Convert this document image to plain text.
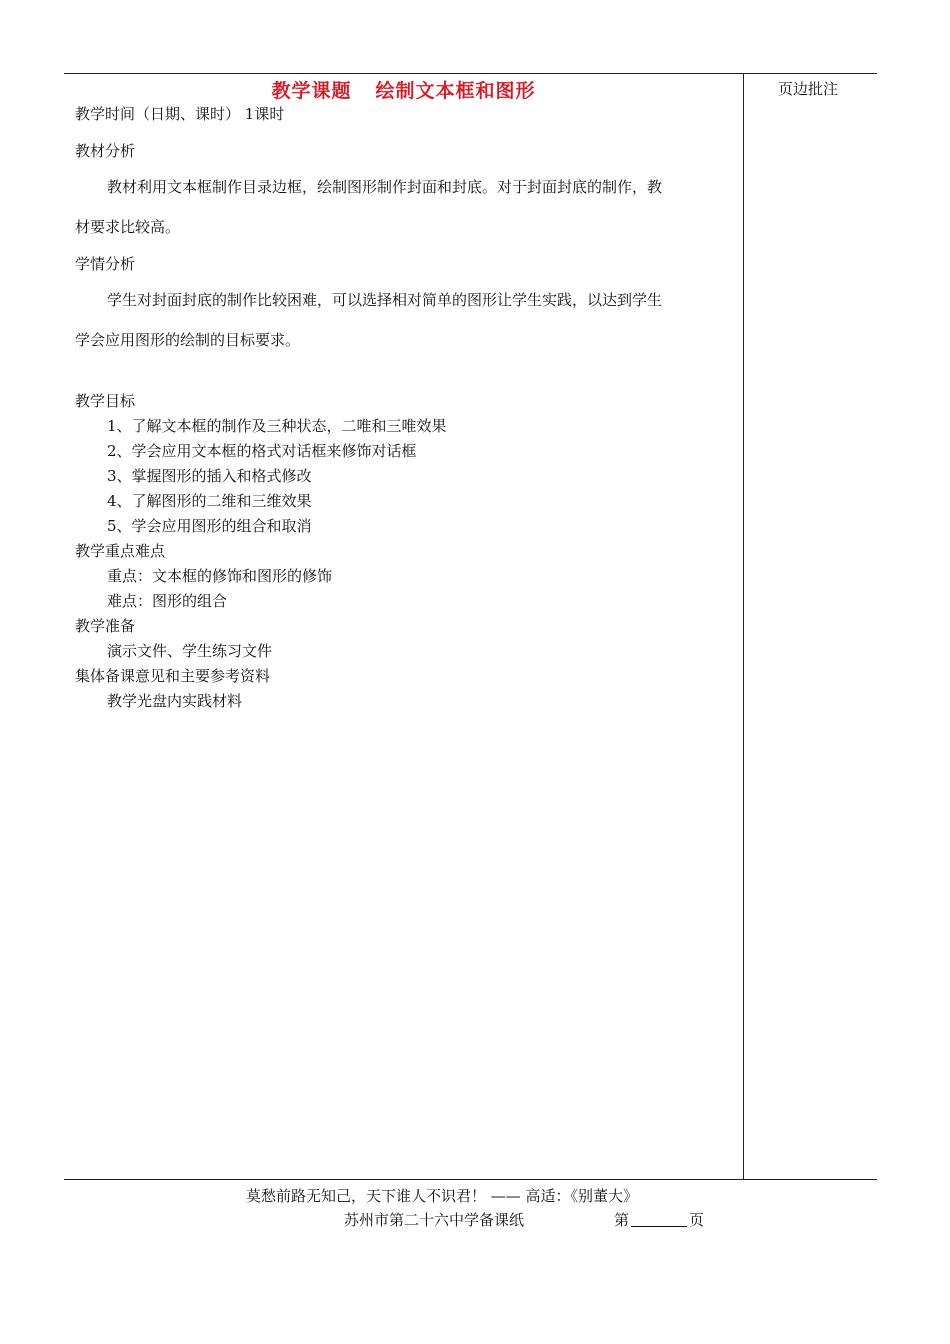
教学课题 绘制文本框和图形	页边批注
教学时间（日期、课时） 1课时
教材分析
教材利用文本框制作目录边框，绘制图形制作封面和封底。对于封面封底的制作，教
材要求比较高。
学情分析
学生对封面封底的制作比较困难，可以选择相对简单的图形让学生实践，以达到学生
学会应用图形的绘制的目标要求。
教学目标
1、了解文本框的制作及三种状态，二唯和三唯效果
2、学会应用文本框的格式对话框来修饰对话框
3、掌握图形的插入和格式修改
4、了解图形的二维和三维效果
5、学会应用图形的组合和取消
教学重点难点
重点：文本框的修饰和图形的修饰
难点：图形的组合
教学准备
演示文件、学生练习文件
集体备课意见和主要参考资料
教学光盘内实践材料
莫愁前路无知己，天下谁人不识君！ —— 高适：《别董大》
苏州市第二十六中学备课纸	第	页
